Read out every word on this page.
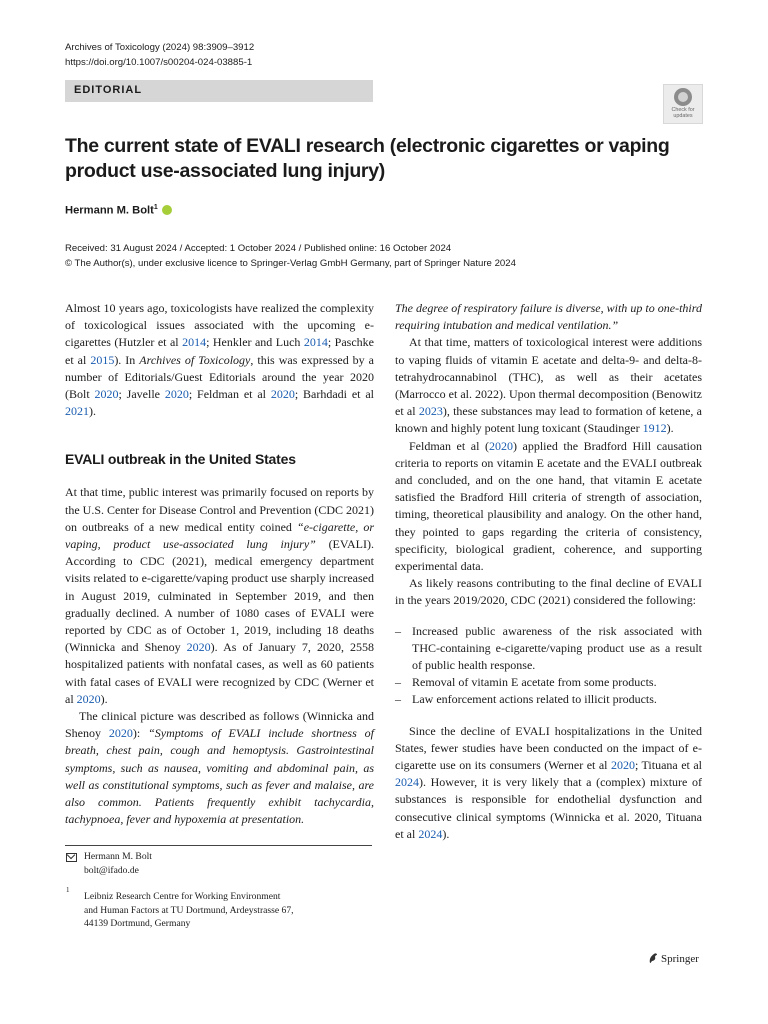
Archives of Toxicology (2024) 98:3909–3912
https://doi.org/10.1007/s00204-024-03885-1
EDITORIAL
Check for
updates
The current state of EVALI research (electronic cigarettes or vaping product use-associated lung injury)
Hermann M. Bolt$^1$
Received: 31 August 2024 / Accepted: 1 October 2024 / Published online: 16 October 2024
© The Author(s), under exclusive licence to Springer-Verlag GmbH Germany, part of Springer Nature 2024

Almost 10 years ago, toxicologists have realized the complexity of toxicological issues associated with the upcoming e-cigarettes (Hutzler et al 2014; Henkler and Luch 2014; Paschke et al 2015). In Archives of Toxicology, this was expressed by a number of Editorials/Guest Editorials around the year 2020 (Bolt 2020; Javelle 2020; Feldman et al 2020; Barhdadi et al 2021).

EVALI outbreak in the United States

At that time, public interest was primarily focused on reports by the U.S. Center for Disease Control and Prevention (CDC 2021) on outbreaks of a new medical entity coined “e-cigarette, or vaping, product use-associated lung injury” (EVALI). According to CDC (2021), medical emergency department visits related to e-cigarette/vaping product use sharply increased in August 2019, culminated in September 2019, and then gradually declined. A number of 1080 cases of EVALI were reported by CDC as of October 1, 2019, including 18 deaths (Winnicka and Shenoy 2020). As of January 7, 2020, 2558 hospitalized patients with nonfatal cases, as well as 60 patients with fatal cases of EVALI were recognized by CDC (Werner et al 2020).

The clinical picture was described as follows (Winnicka and Shenoy 2020): “Symptoms of EVALI include shortness of breath, chest pain, cough and hemoptysis. Gastrointestinal symptoms, such as nausea, vomiting and abdominal pain, as well as constitutional symptoms, such as fever and malaise, are also common. Patients frequently exhibit tachycardia, tachypnoea, fever and hypoxemia at presentation.

The degree of respiratory failure is diverse, with up to one-third requiring intubation and medical ventilation.”

At that time, matters of toxicological interest were additions to vaping fluids of vitamin E acetate and delta-9- and delta-8-tetrahydrocannabinol (THC), as well as their acetates (Marrocco et al. 2022). Upon thermal decomposition (Benowitz et al 2023), these substances may lead to formation of ketene, a known and highly potent lung toxicant (Staudinger 1912).

Feldman et al (2020) applied the Bradford Hill causation criteria to reports on vitamin E acetate and the EVALI outbreak and concluded, and on the one hand, that vitamin E acetate satisfied the Bradford Hill criteria of strength of association, timing, theoretical plausibility and analogy. On the other hand, they pointed to gaps regarding the criteria of consistency, specificity, biological gradient, coherence, and supporting experimental data.

As likely reasons contributing to the final decline of EVALI in the years 2019/2020, CDC (2021) considered the following:

– Increased public awareness of the risk associated with THC-containing e-cigarette/vaping product use as a result of public health response.
– Removal of vitamin E acetate from some products.
– Law enforcement actions related to illicit products.

Since the decline of EVALI hospitalizations in the United States, fewer studies have been conducted on the impact of e-cigarette use on its consumers (Werner et al 2020; Tituana et al 2024). However, it is very likely that a (complex) mixture of substances is responsible for endothelial dysfunction and consecutive clinical symptoms (Winnicka et al. 2020, Tituana et al 2024).

Hermann M. Bolt
bolt@ifado.de
1
Leibniz Research Centre for Working Environment
and Human Factors at TU Dortmund, Ardeystrasse 67,
44139 Dortmund, Germany
Springer
